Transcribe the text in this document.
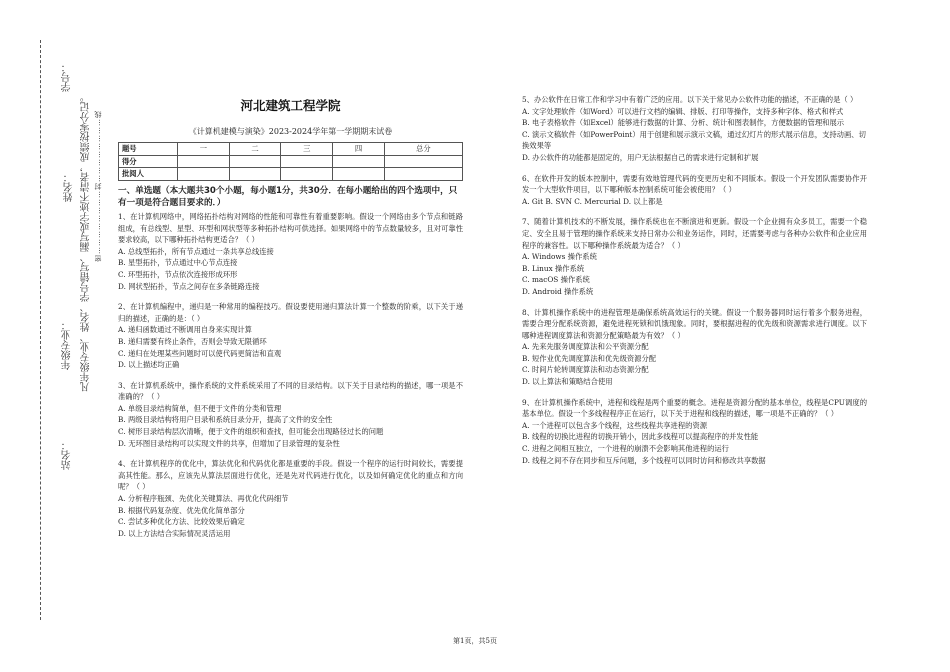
学号：
姓名：
年级专业：
站名：
凡年级专业、姓名、学号错写、漏写或字迹不清者，成绩按零分记。 密……………………封……………………线
河北建筑工程学院
《计算机建模与演染》2023-2024学年第一学期期末试卷
题号	一	二	三	四	总分
得分					
批阅人					
一、单选题（本大题共30个小题，每小题1分，共30分．在每小题给出的四个选项中，只有一项是符合题目要求的．）
1、在计算机网络中，网络拓扑结构对网络的性能和可靠性有着重要影响。假设一个网络由多个节点和链路组成，有总线型、星型、环型和网状型等多种拓扑结构可供选择。如果网络中的节点数量较多，且对可靠性要求较高，以下哪种拓扑结构更适合？（ ）
A. 总线型拓扑，所有节点通过一条共享总线连接
B. 星型拓扑，节点通过中心节点连接
C. 环型拓扑，节点依次连接形成环形
D. 网状型拓扑，节点之间存在多条链路连接
2、在计算机编程中，递归是一种常用的编程技巧。假设要使用递归算法计算一个整数的阶乘，以下关于递归的描述，正确的是：（ ）
A. 递归函数通过不断调用自身来实现计算
B. 递归需要有终止条件，否则会导致无限循环
C. 递归在处理某些问题时可以使代码更简洁和直观
D. 以上描述均正确
3、在计算机系统中，操作系统的文件系统采用了不同的目录结构。以下关于目录结构的描述，哪一项是不准确的？（ ）
A. 单级目录结构简单，但不便于文件的分类和管理
B. 两级目录结构将用户目录和系统目录分开，提高了文件的安全性
C. 树形目录结构层次清晰，便于文件的组织和查找，但可能会出现路径过长的问题
D. 无环图目录结构可以实现文件的共享，但增加了目录管理的复杂性
4、在计算机程序的优化中，算法优化和代码优化都是重要的手段。假设一个程序的运行时间较长，需要提高其性能。那么，应该先从算法层面进行优化，还是先对代码进行优化，以及如何确定优化的重点和方向呢？（ ）
A. 分析程序瓶颈、先优化关键算法、再优化代码细节
B. 根据代码复杂度、优先优化简单部分
C. 尝试多种优化方法、比较效果后确定
D. 以上方法结合实际情况灵活运用
5、办公软件在日常工作和学习中有着广泛的应用。以下关于常见办公软件功能的描述，不正确的是（ ）
A. 文字处理软件（如Word）可以进行文档的编辑、排版、打印等操作，支持多种字体、格式和样式
B. 电子表格软件（如Excel）能够进行数据的计算、分析、统计和图表制作，方便数据的管理和展示
C. 演示文稿软件（如PowerPoint）用于创建和展示演示文稿，通过幻灯片的形式展示信息，支持动画、切换效果等
D. 办公软件的功能都是固定的，用户无法根据自己的需求进行定制和扩展
6、在软件开发的版本控制中，需要有效地管理代码的变更历史和不同版本。假设一个开发团队需要协作开发一个大型软件项目，以下哪种版本控制系统可能会被使用？（ ）
A. Git B. SVN C. Mercurial D. 以上都是
7、随着计算机技术的不断发展，操作系统也在不断演进和更新。假设一个企业拥有众多员工，需要一个稳定、安全且易于管理的操作系统来支持日常办公和业务运作，同时，还需要考虑与各种办公软件和企业应用程序的兼容性。以下哪种操作系统最为适合？（ ）
A. Windows 操作系统
B. Linux 操作系统
C. macOS 操作系统
D. Android 操作系统
8、计算机操作系统中的进程管理是确保系统高效运行的关键。假设一个服务器同时运行着多个服务进程，需要合理分配系统资源，避免进程死锁和饥饿现象。同时，要根据进程的优先级和资源需求进行调度。以下哪种进程调度算法和资源分配策略最为有效？（ ）
A. 先来先服务调度算法和公平资源分配
B. 短作业优先调度算法和优先级资源分配
C. 时间片轮转调度算法和动态资源分配
D. 以上算法和策略结合使用
9、在计算机操作系统中，进程和线程是两个重要的概念。进程是资源分配的基本单位，线程是CPU调度的基本单位。假设一个多线程程序正在运行，以下关于进程和线程的描述，哪一项是不正确的？（ ）
A. 一个进程可以包含多个线程，这些线程共享进程的资源
B. 线程的切换比进程的切换开销小，因此多线程可以提高程序的并发性能
C. 进程之间相互独立，一个进程的崩溃不会影响其他进程的运行
D. 线程之间不存在同步和互斥问题，多个线程可以同时访问和修改共享数据
第1页，共5页
